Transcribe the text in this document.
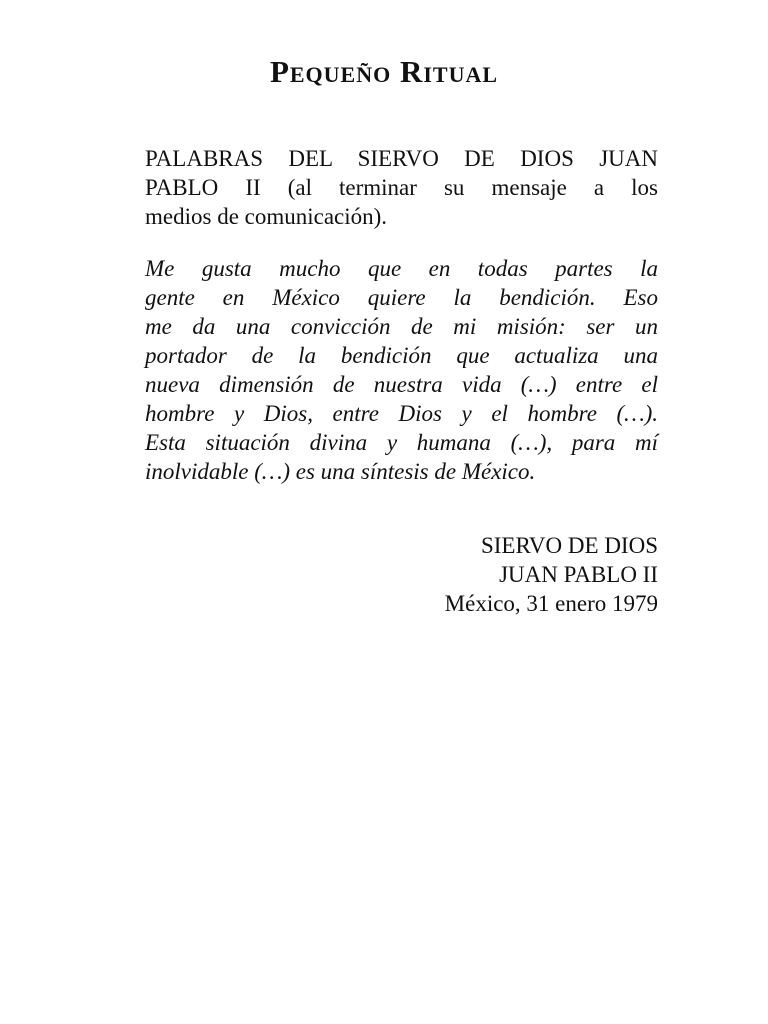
Pequeño Ritual

PALABRAS DEL SIERVO DE DIOS JUAN
PABLO II (al terminar su mensaje a los
medios de comunicación).

Me gusta mucho que en todas partes la
gente en México quiere la bendición. Eso
me da una convicción de mi misión: ser un
portador de la bendición que actualiza una
nueva dimensión de nuestra vida (…) entre el
hombre y Dios, entre Dios y el hombre (…).
Esta situación divina y humana (…), para mí
inolvidable (…) es una síntesis de México.

SIERVO DE DIOS
JUAN PABLO II
México, 31 enero 1979
